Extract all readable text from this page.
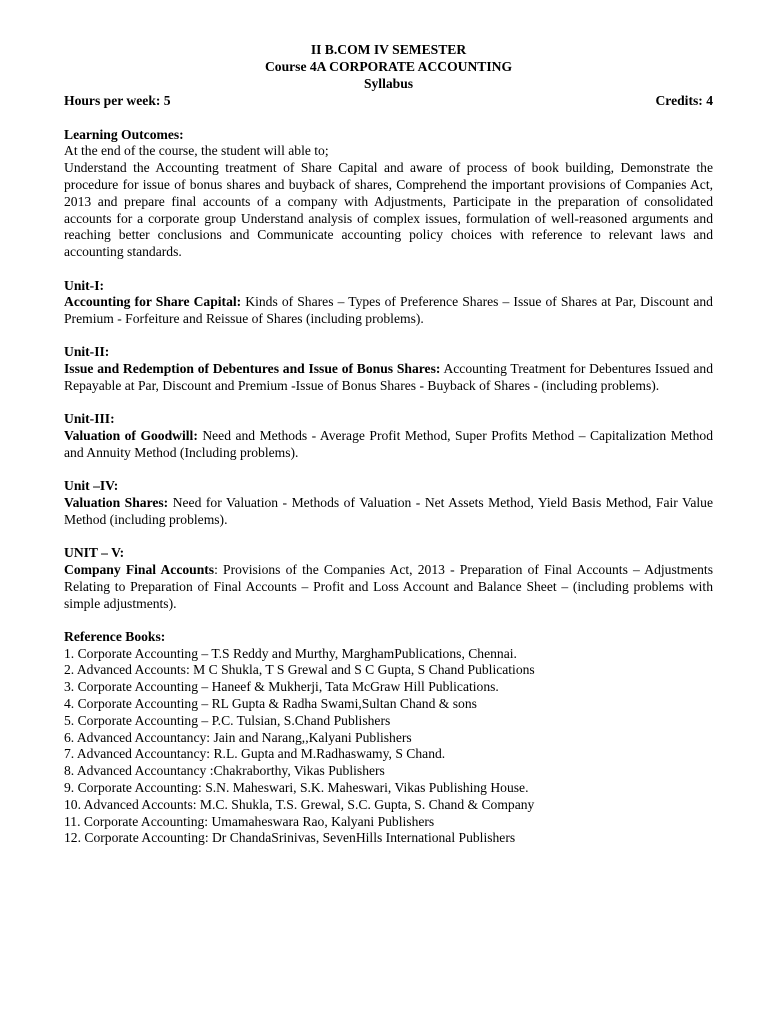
II B.COM IV SEMESTER
Course 4A CORPORATE ACCOUNTING
Syllabus
Hours per week: 5	Credits: 4
Learning Outcomes:
At the end of the course, the student will able to;
Understand the Accounting treatment of Share Capital and aware of process of book building, Demonstrate the procedure for issue of bonus shares and buyback of shares, Comprehend the important provisions of Companies Act, 2013 and prepare final accounts of a company with Adjustments, Participate in the preparation of consolidated accounts for a corporate group Understand analysis of complex issues, formulation of well-reasoned arguments and reaching better conclusions and Communicate accounting policy choices with reference to relevant laws and accounting standards.
Unit-I:
Accounting for Share Capital: Kinds of Shares – Types of Preference Shares – Issue of Shares at Par, Discount and Premium - Forfeiture and Reissue of Shares (including problems).
Unit-II:
Issue and Redemption of Debentures and Issue of Bonus Shares: Accounting Treatment for Debentures Issued and Repayable at Par, Discount and Premium -Issue of Bonus Shares - Buyback of Shares - (including problems).
Unit-III:
Valuation of Goodwill: Need and Methods - Average Profit Method, Super Profits Method – Capitalization Method and Annuity Method (Including problems).
Unit –IV:
Valuation Shares: Need for Valuation - Methods of Valuation - Net Assets Method, Yield Basis Method, Fair Value Method (including problems).
UNIT – V:
Company Final Accounts: Provisions of the Companies Act, 2013 - Preparation of Final Accounts – Adjustments Relating to Preparation of Final Accounts – Profit and Loss Account and Balance Sheet – (including problems with simple adjustments).
Reference Books:
1. Corporate Accounting – T.S Reddy and Murthy, MarghamPublications, Chennai.
2. Advanced Accounts: M C Shukla, T S Grewal and S C Gupta, S Chand Publications
3. Corporate Accounting – Haneef & Mukherji, Tata McGraw Hill Publications.
4. Corporate Accounting – RL Gupta & Radha Swami,Sultan Chand & sons
5. Corporate Accounting – P.C. Tulsian, S.Chand Publishers
6. Advanced Accountancy: Jain and Narang,,Kalyani Publishers
7. Advanced Accountancy: R.L. Gupta and M.Radhaswamy, S Chand.
8. Advanced Accountancy :Chakraborthy, Vikas Publishers
9. Corporate Accounting: S.N. Maheswari, S.K. Maheswari, Vikas Publishing House.
10. Advanced Accounts: M.C. Shukla, T.S. Grewal, S.C. Gupta, S. Chand & Company
11. Corporate Accounting: Umamaheswara Rao, Kalyani Publishers
12. Corporate Accounting: Dr ChandaSrinivas, SevenHills International Publishers
